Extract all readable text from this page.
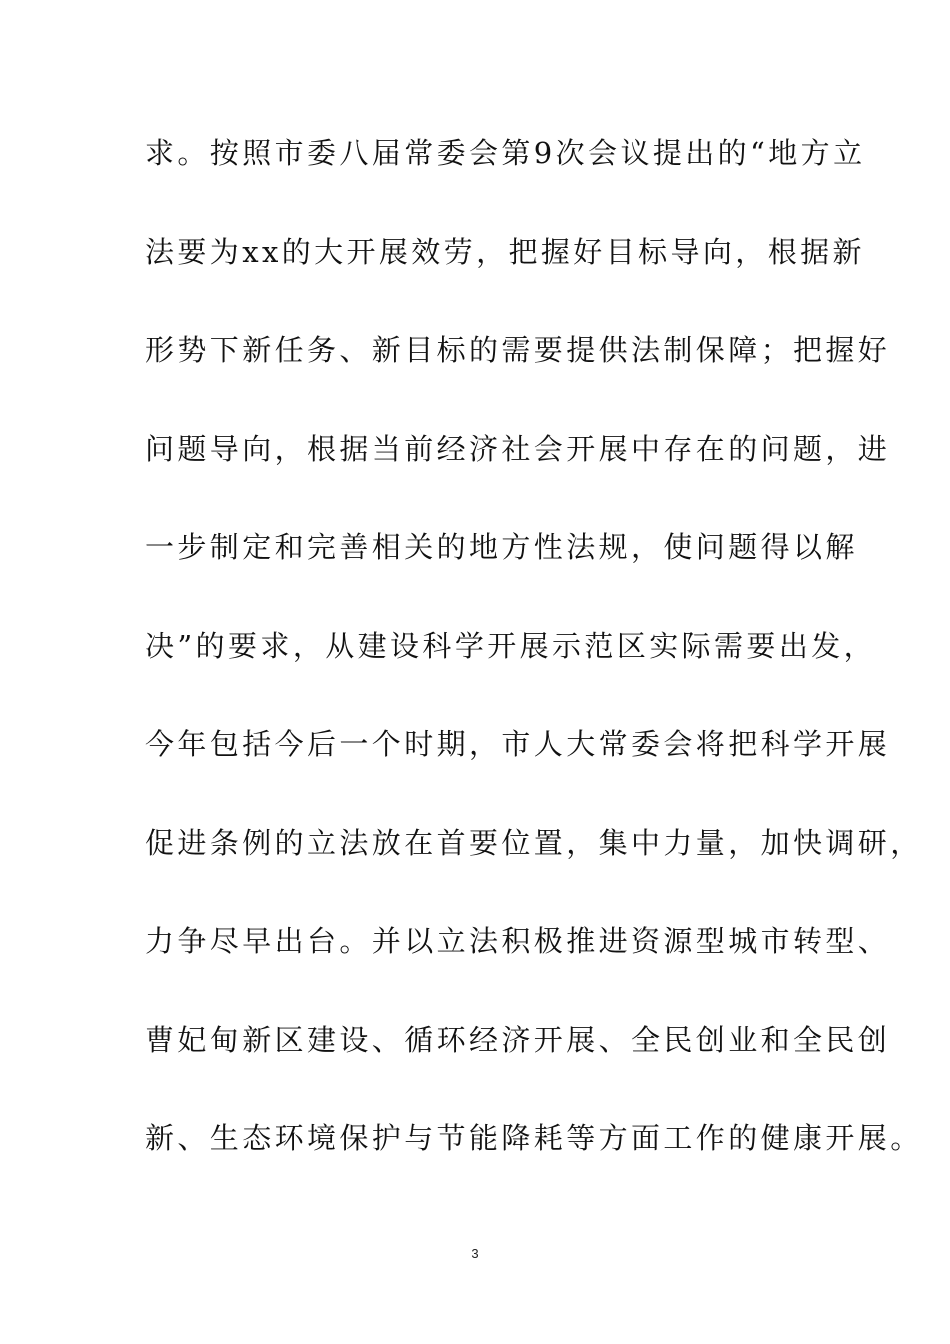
求。按照市委八届常委会第9次会议提出的“地方立
法要为xx的大开展效劳，把握好目标导向，根据新
形势下新任务、新目标的需要提供法制保障；把握好
问题导向，根据当前经济社会开展中存在的问题，进
一步制定和完善相关的地方性法规，使问题得以解
决”的要求，从建设科学开展示范区实际需要出发，
今年包括今后一个时期，市人大常委会将把科学开展
促进条例的立法放在首要位置，集中力量，加快调研，
力争尽早出台。并以立法积极推进资源型城市转型、
曹妃甸新区建设、循环经济开展、全民创业和全民创
新、生态环境保护与节能降耗等方面工作的健康开展。
3
